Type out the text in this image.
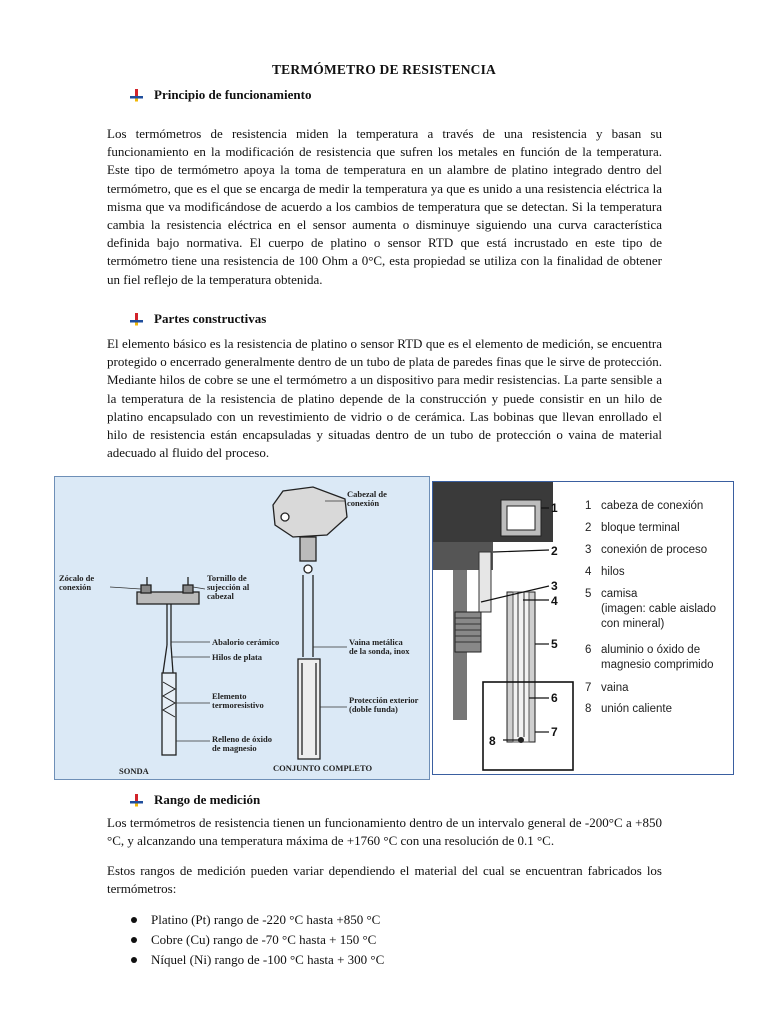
TERMÓMETRO DE RESISTENCIA
Principio de funcionamiento

Los termómetros de resistencia miden la temperatura a través de una resistencia y basan su funcionamiento en la modificación de resistencia que sufren los metales en función de la temperatura. Este tipo de termómetro apoya la toma de temperatura en un alambre de platino integrado dentro del termómetro, que es el que se encarga de medir la temperatura ya que es unido a una resistencia eléctrica la misma que va modificándose de acuerdo a los cambios de temperatura que se detectan. Si la temperatura cambia la resistencia eléctrica en el sensor aumenta o disminuye siguiendo una curva característica definida bajo normativa. El cuerpo de platino o sensor RTD que está incrustado en este tipo de termómetro tiene una resistencia de 100 Ohm a 0°C, esta propiedad se utiliza con la finalidad de obtener un fiel reflejo de la temperatura obtenida.

Partes constructivas

El elemento básico es la resistencia de platino o sensor RTD que es el elemento de medición, se encuentra protegido o encerrado generalmente dentro de un tubo de plata de paredes finas que le sirve de protección. Mediante hilos de cobre se une el termómetro a un dispositivo para medir resistencias. La parte sensible a la temperatura de la resistencia de platino depende de la construcción y puede consistir en un hilo de platino encapsulado con un revestimiento de vidrio o de cerámica. Las bobinas que llevan enrollado el hilo de resistencia están encapsuladas y situadas dentro de un tubo de protección o vaina de material adecuado al fluido del proceso.

Zócalo de conexión
Tornillo de sujección al cabezal
Abalorio cerámico
Hilos de plata
Elemento termoresistivo
Relleno de óxido de magnesio
SONDA
Cabezal de conexión
Vaina metálica de la sonda, inox
Protección exterior (doble funda)
CONJUNTO COMPLETO
1
2
3
4
5
6
7
8
1 cabeza de conexión
2 bloque terminal
3 conexión de proceso
4 hilos
5 camisa (imagen: cable aislado con mineral)
6 aluminio o óxido de magnesio comprimido
7 vaina
8 unión caliente
Rango de medición

Los termómetros de resistencia tienen un funcionamiento dentro de un intervalo general de -200°C a +850 °C, y alcanzando una temperatura máxima de +1760 °C con una resolución de 0.1 °C.

Estos rangos de medición pueden variar dependiendo el material del cual se encuentran fabricados los termómetros:

Platino (Pt) rango de -220 °C hasta +850 °C
Cobre (Cu) rango de -70 °C hasta + 150 °C
Níquel (Ni) rango de -100 °C hasta + 300 °C
